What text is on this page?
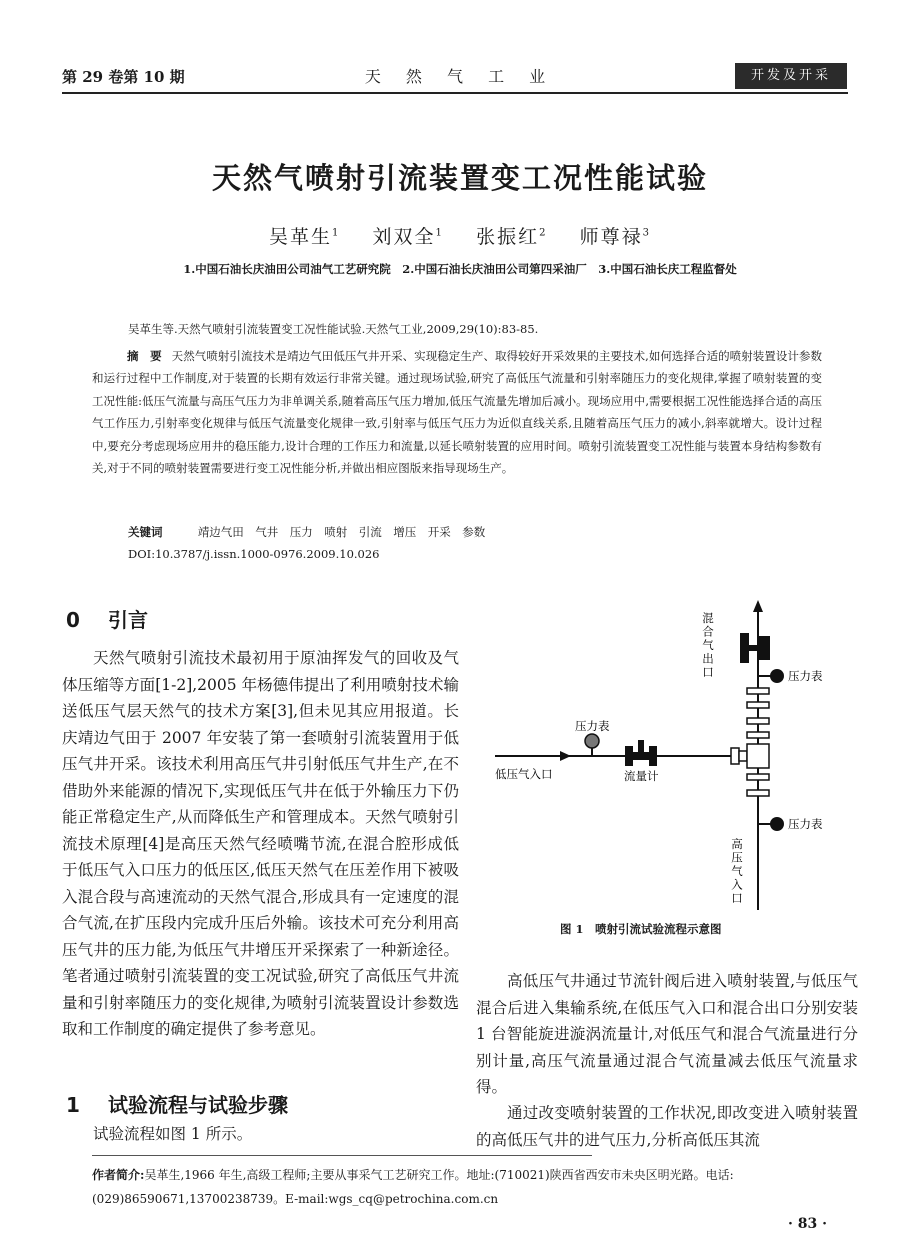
第 29 卷第 10 期	天 然 气 工 业	开发及开采
天然气喷射引流装置变工况性能试验
吴革生$^1$ 刘双全$^1$ 张振红$^2$ 师尊禄$^3$
1.中国石油长庆油田公司油气工艺研究院　2.中国石油长庆油田公司第四采油厂　3.中国石油长庆工程监督处
吴革生等.天然气喷射引流装置变工况性能试验.天然气工业,2009,29(10):83-85.
摘　要 天然气喷射引流技术是靖边气田低压气井开采、实现稳定生产、取得较好开采效果的主要技术,如何选择合适的喷射装置设计参数和运行过程中工作制度,对于装置的长期有效运行非常关键。通过现场试验,研究了高低压气流量和引射率随压力的变化规律,掌握了喷射装置的变工况性能:低压气流量与高压气压力为非单调关系,随着高压气压力增加,低压气流量先增加后减小。现场应用中,需要根据工况性能选择合适的高压气工作压力,引射率变化规律与低压气流量变化规律一致,引射率与低压气压力为近似直线关系,且随着高压气压力的减小,斜率就增大。设计过程中,要充分考虑现场应用井的稳压能力,设计合理的工作压力和流量,以延长喷射装置的应用时间。喷射引流装置变工况性能与装置本身结构参数有关,对于不同的喷射装置需要进行变工况性能分析,并做出相应图版来指导现场生产。
关键词	靖边气田　气井　压力　喷射　引流　增压　开采　参数
DOI:10.3787/j.issn.1000-0976.2009.10.026
0 引言
天然气喷射引流技术最初用于原油挥发气的回收及气体压缩等方面[1-2],2005 年杨德伟提出了利用喷射技术输送低压气层天然气的技术方案[3],但未见其应用报道。长庆靖边气田于 2007 年安装了第一套喷射引流装置用于低压气井开采。该技术利用高压气井引射低压气井生产,在不借助外来能源的情况下,实现低压气井在低于外输压力下仍能正常稳定生产,从而降低生产和管理成本。天然气喷射引流技术原理[4]是高压天然气经喷嘴节流,在混合腔形成低于低压气入口压力的低压区,低压天然气在压差作用下被吸入混合段与高速流动的天然气混合,形成具有一定速度的混合气流,在扩压段内完成升压后外输。该技术可充分利用高压气井的压力能,为低压气井增压开采探索了一种新途径。笔者通过喷射引流装置的变工况试验,研究了高低压气井流量和引射率随压力的变化规律,为喷射引流装置设计参数选取和工作制度的确定提供了参考意见。
1 试验流程与试验步骤
试验流程如图 1 所示。
混合气出口	压力表
压力表
低压气入口	流量计
压力表
高压气入口
图 1　喷射引流试验流程示意图
高低压气井通过节流针阀后进入喷射装置,与低压气混合后进入集输系统,在低压气入口和混合出口分别安装 1 台智能旋进漩涡流量计,对低压气和混合气流量进行分别计量,高压气流量通过混合气流量减去低压气流量求得。
通过改变喷射装置的工作状况,即改变进入喷射装置的高低压气井的进气压力,分析高低压其流
作者简介:吴革生,1966 年生,高级工程师;主要从事采气工艺研究工作。地址:(710021)陕西省西安市未央区明光路。电话:(029)86590671,13700238739。E-mail:wgs_cq@petrochina.com.cn
· 83 ·
